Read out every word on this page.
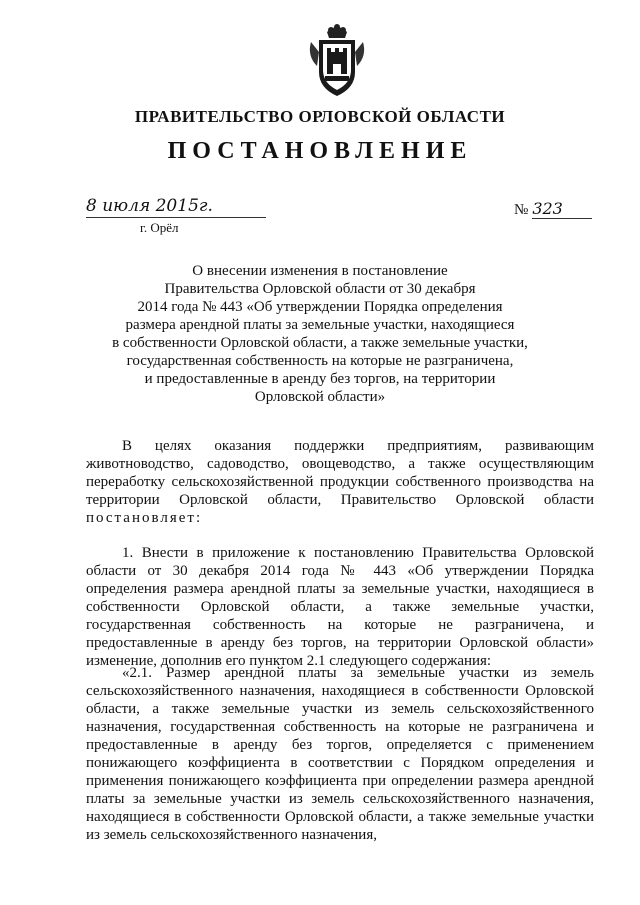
ПРАВИТЕЛЬСТВО ОРЛОВСКОЙ ОБЛАСТИ
ПОСТАНОВЛЕНИЕ
8 июля 2015г.
г. Орёл
№ 323
О внесении изменения в постановление
Правительства Орловской области от 30 декабря
2014 года № 443 «Об утверждении Порядка определения
размера арендной платы за земельные участки, находящиеся
в собственности Орловской области, а также земельные участки,
государственная собственность на которые не разграничена,
и предоставленные в аренду без торгов, на территории
Орловской области»
В целях оказания поддержки предприятиям, развивающим животноводство, садоводство, овощеводство, а также осуществляющим переработку сельскохозяйственной продукции собственного производства на территории Орловской области, Правительство Орловской области постановляет:
1. Внести в приложение к постановлению Правительства Орловской области от 30 декабря 2014 года № 443 «Об утверждении Порядка определения размера арендной платы за земельные участки, находящиеся в собственности Орловской области, а также земельные участки, государственная собственность на которые не разграничена, и предоставленные в аренду без торгов, на территории Орловской области» изменение, дополнив его пунктом 2.1 следующего содержания:
«2.1. Размер арендной платы за земельные участки из земель сельскохозяйственного назначения, находящиеся в собственности Орловской области, а также земельные участки из земель сельскохозяйственного назначения, государственная собственность на которые не разграничена и предоставленные в аренду без торгов, определяется с применением понижающего коэффициента в соответствии с Порядком определения и применения понижающего коэффициента при определении размера арендной платы за земельные участки из земель сельскохозяйственного назначения, находящиеся в собственности Орловской области, а также земельные участки из земель сельскохозяйственного назначения,
